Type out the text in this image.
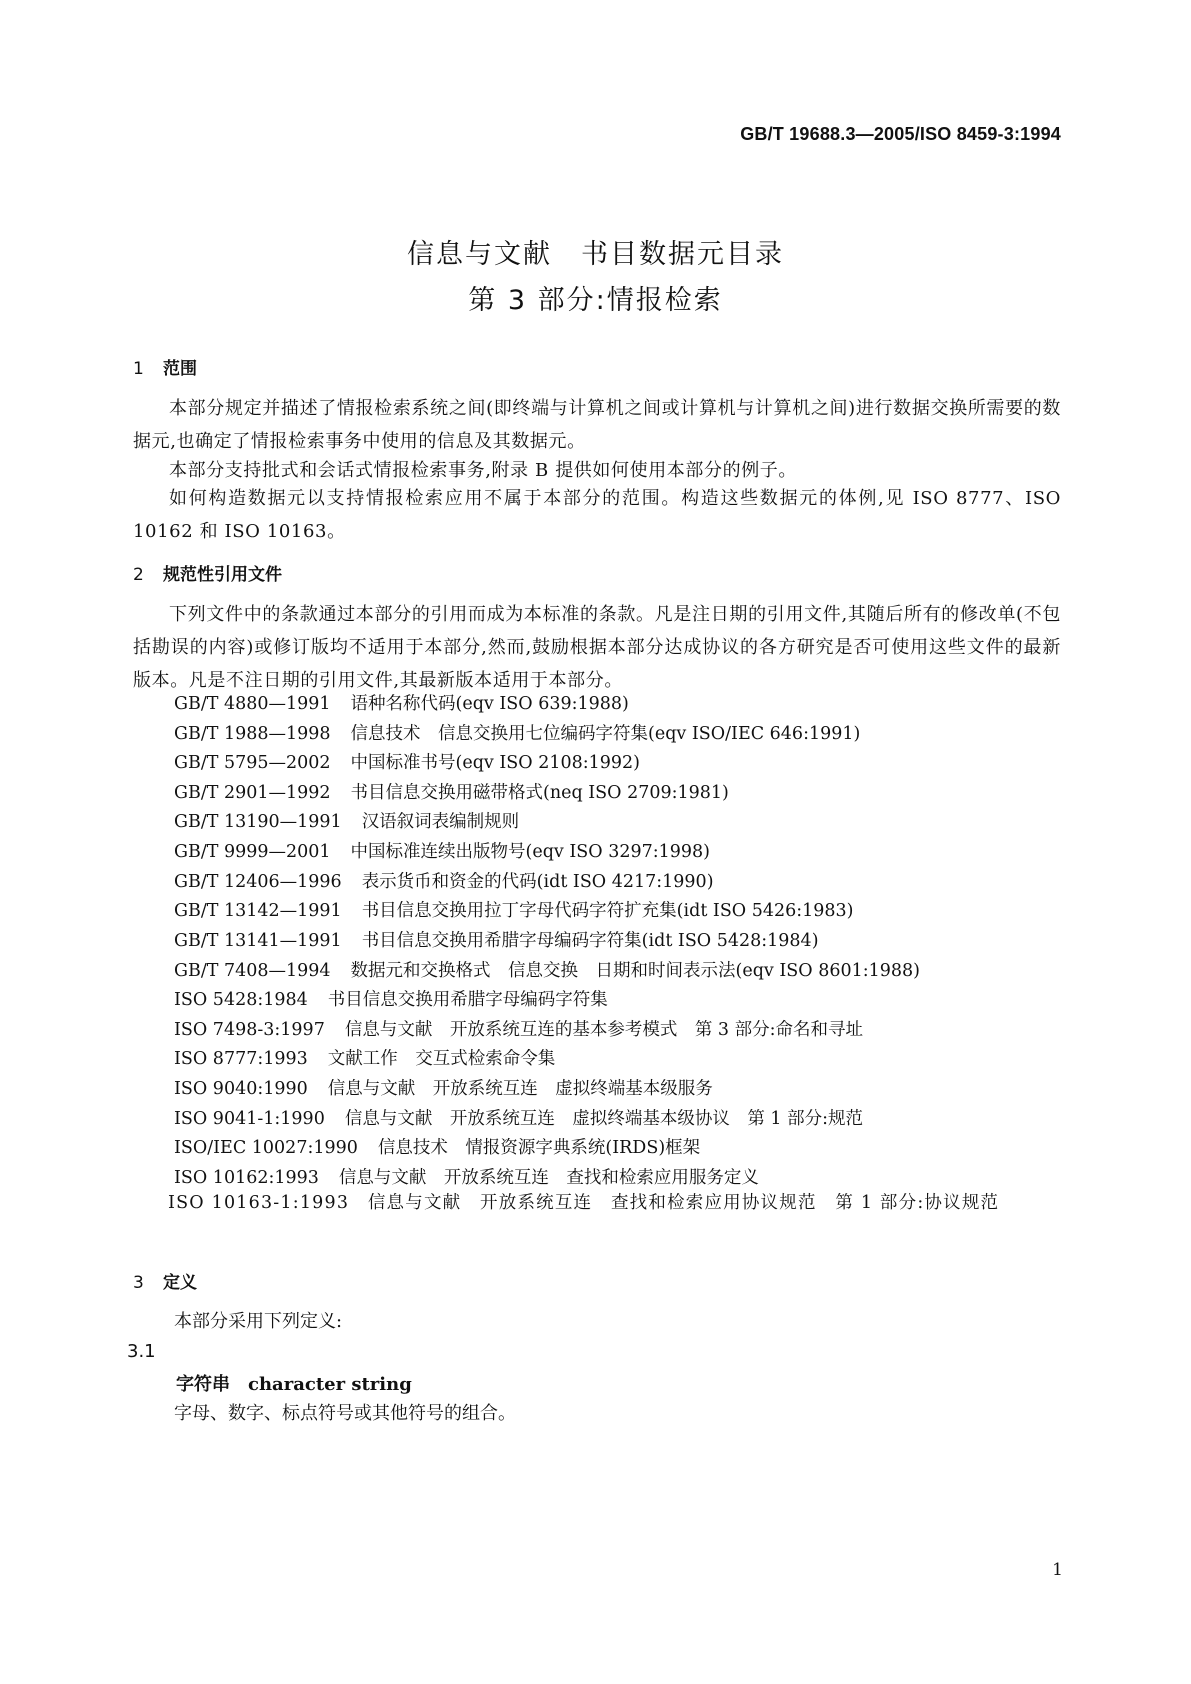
GB/T 19688.3—2005/ISO 8459-3:1994
信息与文献　书目数据元目录
第 3 部分:情报检索
1 范围
本部分规定并描述了情报检索系统之间(即终端与计算机之间或计算机与计算机之间)进行数据交换所需要的数据元,也确定了情报检索事务中使用的信息及其数据元。
本部分支持批式和会话式情报检索事务,附录 B 提供如何使用本部分的例子。
如何构造数据元以支持情报检索应用不属于本部分的范围。构造这些数据元的体例,见 ISO 8777、ISO 10162 和 ISO 10163。
2 规范性引用文件
下列文件中的条款通过本部分的引用而成为本标准的条款。凡是注日期的引用文件,其随后所有的修改单(不包括勘误的内容)或修订版均不适用于本部分,然而,鼓励根据本部分达成协议的各方研究是否可使用这些文件的最新版本。凡是不注日期的引用文件,其最新版本适用于本部分。
GB/T 4880—1991 语种名称代码(eqv ISO 639:1988)
GB/T 1988—1998 信息技术　信息交换用七位编码字符集(eqv ISO/IEC 646:1991)
GB/T 5795—2002 中国标准书号(eqv ISO 2108:1992)
GB/T 2901—1992 书目信息交换用磁带格式(neq ISO 2709:1981)
GB/T 13190—1991 汉语叙词表编制规则
GB/T 9999—2001 中国标准连续出版物号(eqv ISO 3297:1998)
GB/T 12406—1996 表示货币和资金的代码(idt ISO 4217:1990)
GB/T 13142—1991 书目信息交换用拉丁字母代码字符扩充集(idt ISO 5426:1983)
GB/T 13141—1991 书目信息交换用希腊字母编码字符集(idt ISO 5428:1984)
GB/T 7408—1994 数据元和交换格式　信息交换　日期和时间表示法(eqv ISO 8601:1988)
ISO 5428:1984 书目信息交换用希腊字母编码字符集
ISO 7498-3:1997 信息与文献　开放系统互连的基本参考模式　第 3 部分:命名和寻址
ISO 8777:1993 文献工作　交互式检索命令集
ISO 9040:1990 信息与文献　开放系统互连　虚拟终端基本级服务
ISO 9041-1:1990 信息与文献　开放系统互连　虚拟终端基本级协议　第 1 部分:规范
ISO/IEC 10027:1990 信息技术　情报资源字典系统(IRDS)框架
ISO 10162:1993 信息与文献　开放系统互连　查找和检索应用服务定义
ISO 10163-1:1993　信息与文献　开放系统互连　查找和检索应用协议规范　第 1 部分:协议规范
3 定义
本部分采用下列定义:
3.1
字符串 character string
字母、数字、标点符号或其他符号的组合。
1
